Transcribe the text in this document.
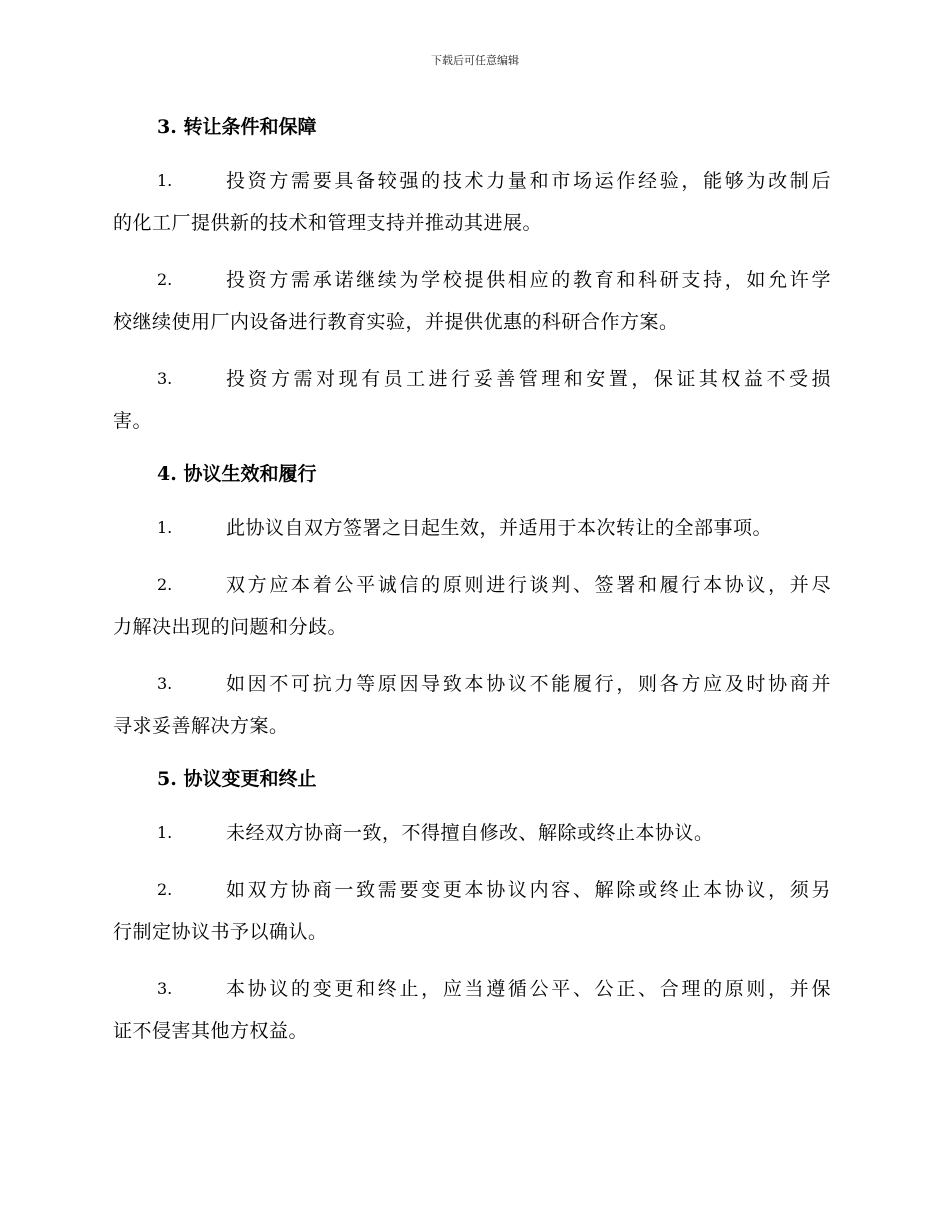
下载后可任意编辑
3. 转让条件和保障
1.	投资方需要具备较强的技术力量和市场运作经验，能够为改制后
的化工厂提供新的技术和管理支持并推动其进展。
2.	投资方需承诺继续为学校提供相应的教育和科研支持，如允许学
校继续使用厂内设备进行教育实验，并提供优惠的科研合作方案。
3.	投资方需对现有员工进行妥善管理和安置，保证其权益不受损
害。
4. 协议生效和履行
1.	此协议自双方签署之日起生效，并适用于本次转让的全部事项。
2.	双方应本着公平诚信的原则进行谈判、签署和履行本协议，并尽
力解决出现的问题和分歧。
3.	如因不可抗力等原因导致本协议不能履行，则各方应及时协商并
寻求妥善解决方案。
5. 协议变更和终止
1.	未经双方协商一致，不得擅自修改、解除或终止本协议。
2.	如双方协商一致需要变更本协议内容、解除或终止本协议，须另
行制定协议书予以确认。
3.	本协议的变更和终止，应当遵循公平、公正、合理的原则，并保
证不侵害其他方权益。
